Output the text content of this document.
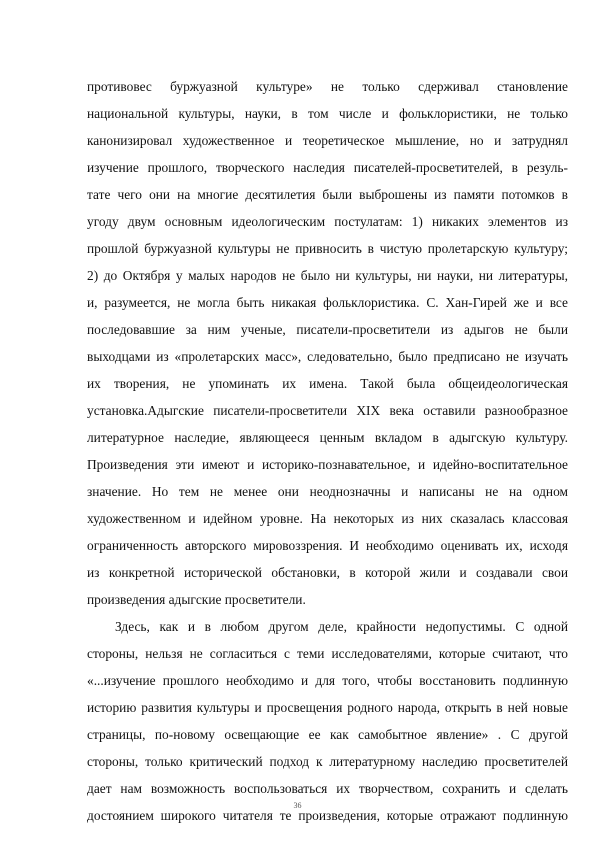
противовес буржуазной культуре» не только сдерживал становление
национальной культуры, науки, в том числе и фольклористики, не только
канонизировал художественное и теоретическое мышление, но и затруднял
изучение прошлого, творческого наследия писателей-просветителей, в резуль-
тате чего они на многие десятилетия были выброшены из памяти потомков в
угоду двум основным идеологическим постулатам: 1) никаких элементов из
прошлой буржуазной культуры не привносить в чистую пролетарскую культуру;
2) до Октября у малых народов не было ни культуры, ни науки, ни литературы,
и, разумеется, не могла быть никакая фольклористика. С. Хан-Гирей же и все
последовавшие за ним ученые, писатели-просветители из адыгов не были
выходцами из «пролетарских масс», следовательно, было предписано не изучать
их творения, не упоминать их имена. Такой была общеидеологическая
установка.Адыгские писатели-просветители XIX века оставили разнообразное
литературное наследие, являющееся ценным вкладом в адыгскую культуру.
Произведения эти имеют и историко-познавательное, и идейно-воспитательное
значение. Но тем не менее они неоднозначны и написаны не на одном
художественном и идейном уровне. На некоторых из них сказалась классовая
ограниченность авторского мировоззрения. И необходимо оценивать их, исходя
из конкретной исторической обстановки, в которой жили и создавали свои
произведения адыгские просветители.
Здесь, как и в любом другом деле, крайности недопустимы. С одной
стороны, нельзя не согласиться с теми исследователями, которые считают, что
«...изучение прошлого необходимо и для того, чтобы восстановить подлинную
историю развития культуры и просвещения родного народа, открыть в ней новые
страницы, по-новому освещающие ее как самобытное явление» . С другой
стороны, только критический подход к литературному наследию просветителей
дает нам возможность воспользоваться их творчеством, сохранить и сделать
достоянием широкого читателя те произведения, которые отражают подлинную
36
